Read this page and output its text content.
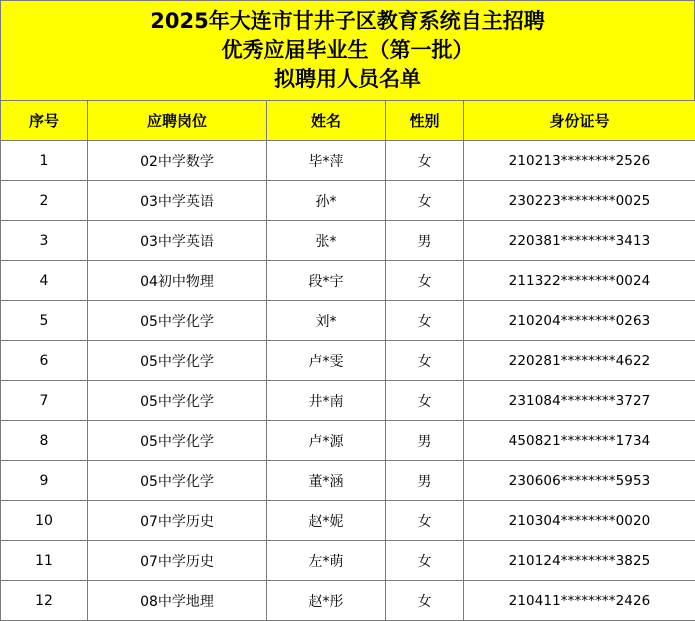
2025年大连市甘井子区教育系统自主招聘
优秀应届毕业生（第一批）
拟聘用人员名单
序号	应聘岗位	姓名	性别	身份证号
1	02中学数学	毕*萍	女	210213********2526
2	03中学英语	孙*	女	230223********0025
3	03中学英语	张*	男	220381********3413
4	04初中物理	段*宇	女	211322********0024
5	05中学化学	刘*	女	210204********0263
6	05中学化学	卢*雯	女	220281********4622
7	05中学化学	井*南	女	231084********3727
8	05中学化学	卢*源	男	450821********1734
9	05中学化学	董*涵	男	230606********5953
10	07中学历史	赵*妮	女	210304********0020
11	07中学历史	左*萌	女	210124********3825
12	08中学地理	赵*彤	女	210411********2426
